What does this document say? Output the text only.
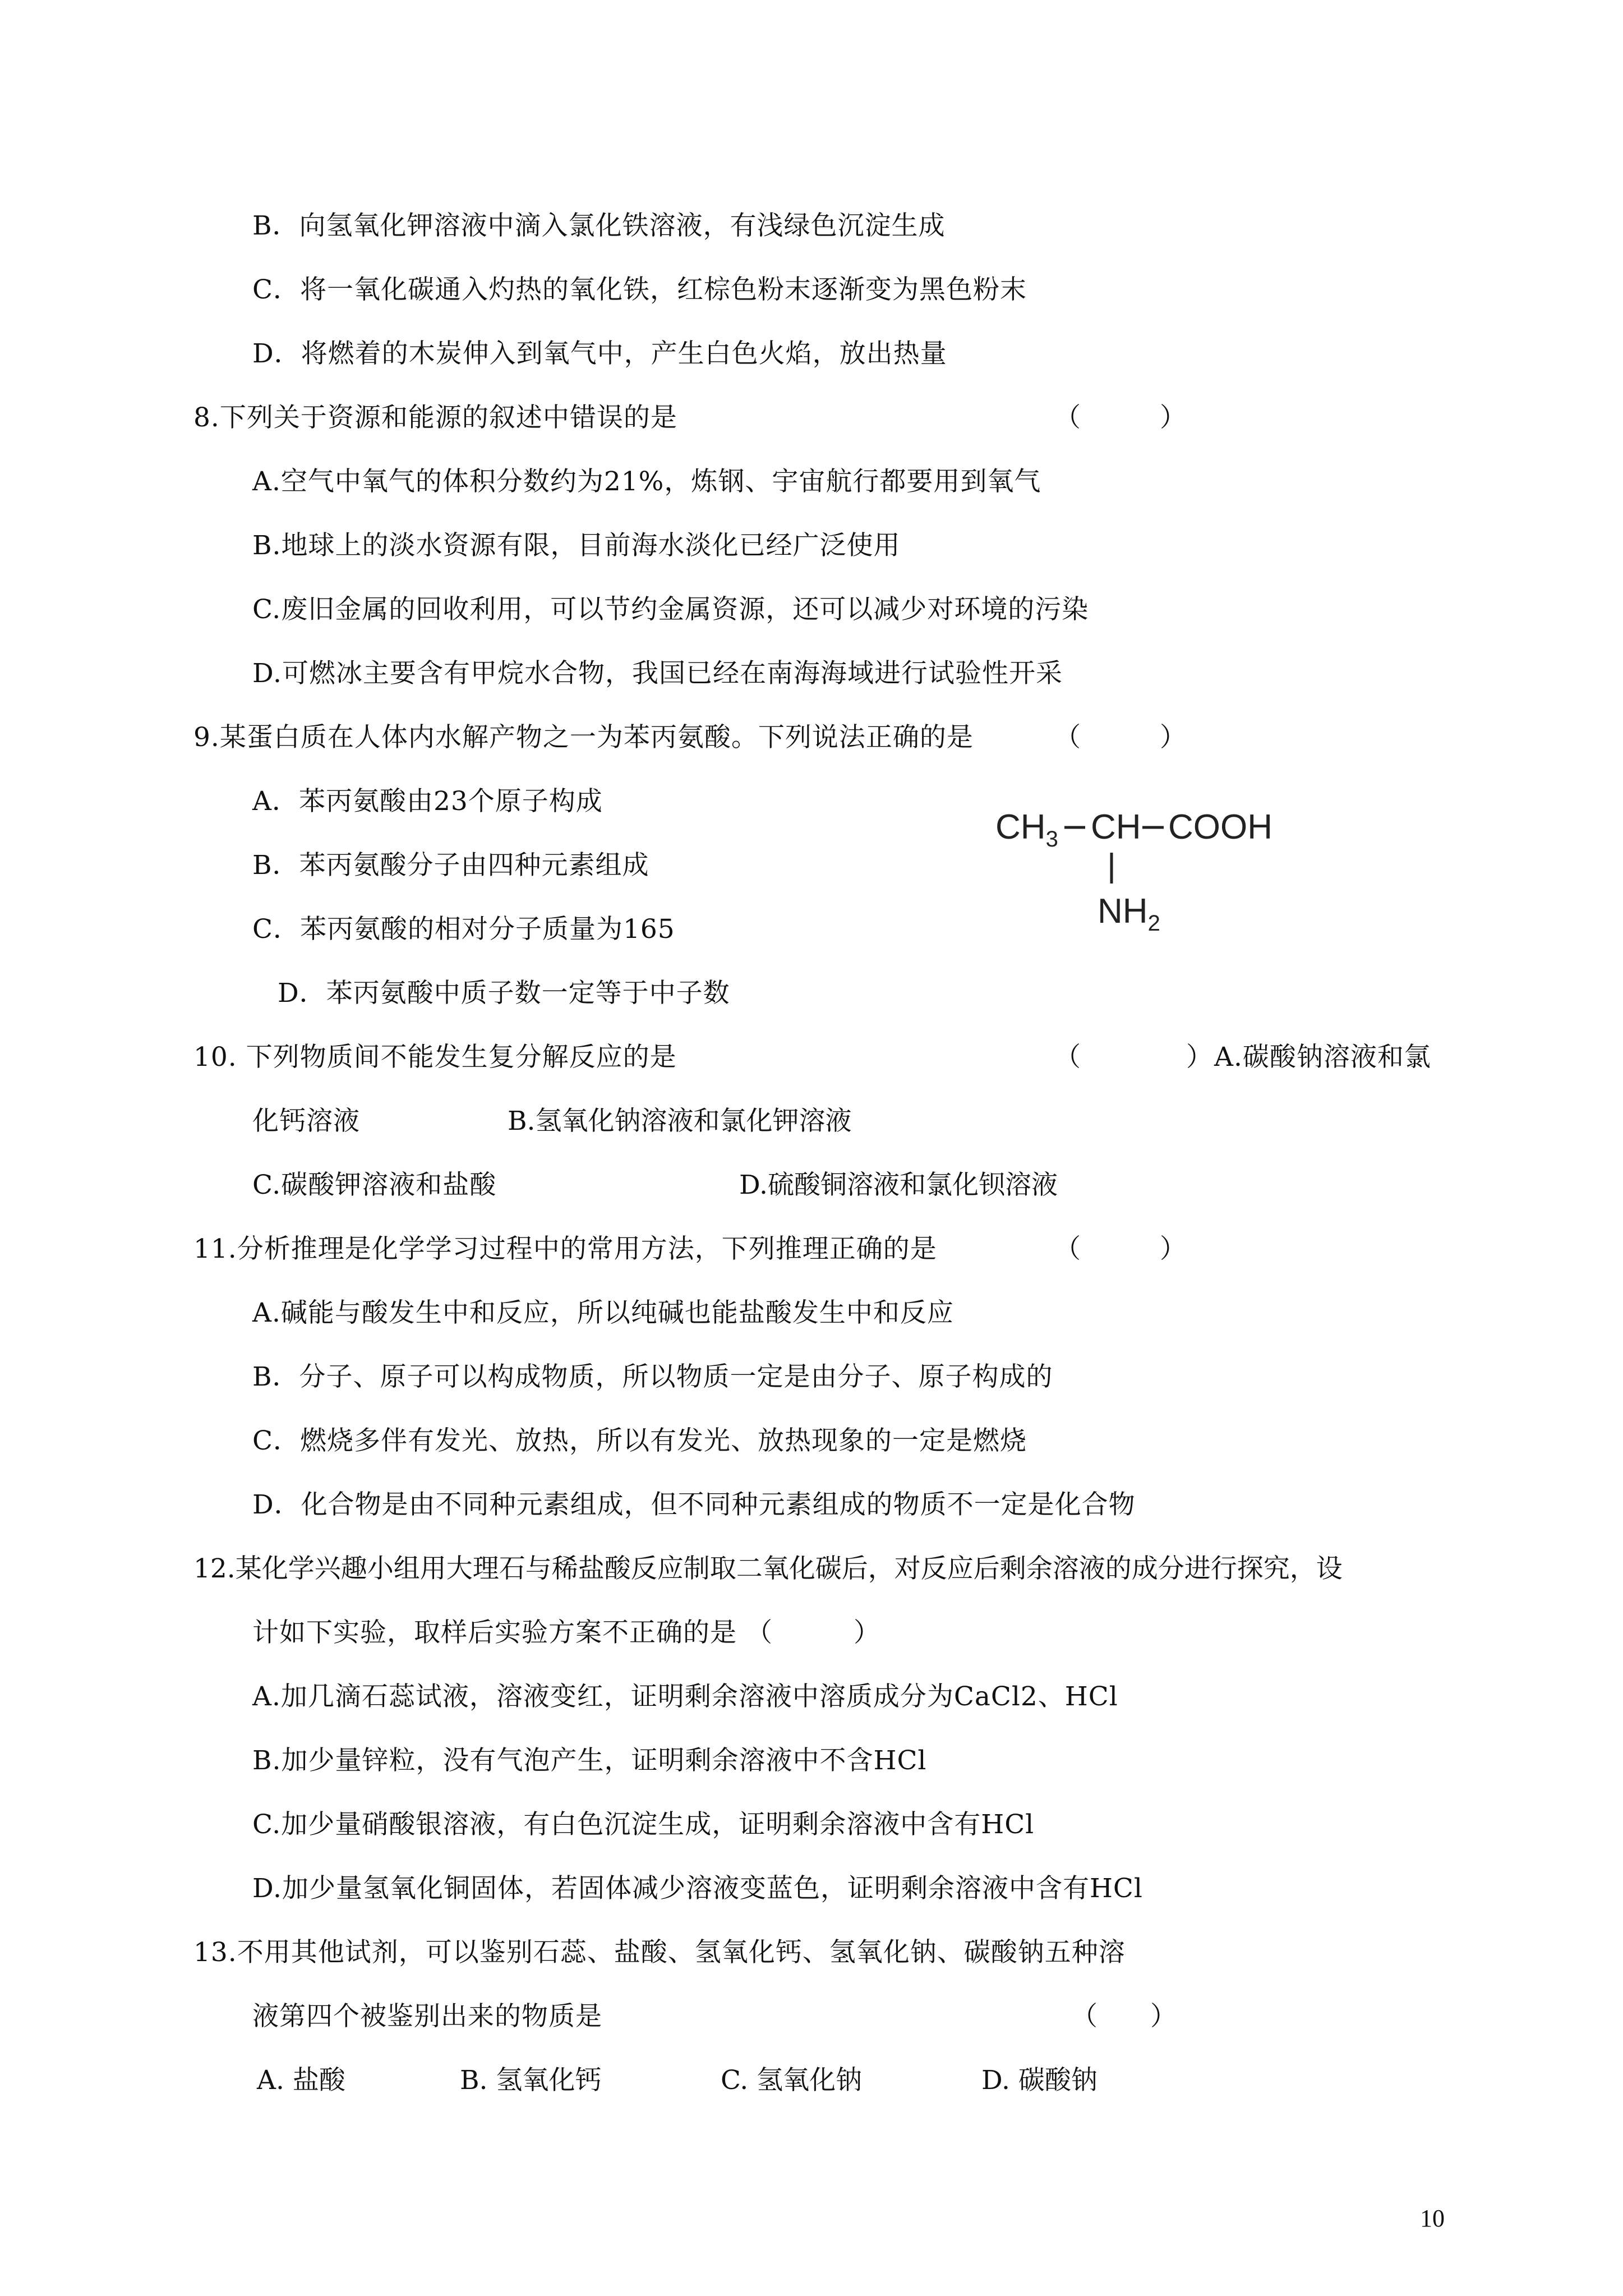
B．向氢氧化钾溶液中滴入氯化铁溶液，有浅绿色沉淀生成
C．将一氧化碳通入灼热的氧化铁，红棕色粉末逐渐变为黑色粉末
D．将燃着的木炭伸入到氧气中，产生白色火焰，放出热量
8.下列关于资源和能源的叙述中错误的是	（　　　）
A.空气中氧气的体积分数约为21%，炼钢、宇宙航行都要用到氧气
B.地球上的淡水资源有限，目前海水淡化已经广泛使用
C.废旧金属的回收利用，可以节约金属资源，还可以减少对环境的污染
D.可燃冰主要含有甲烷水合物，我国已经在南海海域进行试验性开采
9.某蛋白质在人体内水解产物之一为苯丙氨酸。下列说法正确的是	（　　　）
A．苯丙氨酸由23个原子构成
B．苯丙氨酸分子由四种元素组成
C．苯丙氨酸的相对分子质量为165
D．苯丙氨酸中质子数一定等于中子数
$CH_3$ CH COOH
$NH_2$
10. 下列物质间不能发生复分解反应的是	（　　　　） A.碳酸钠溶液和氯
化钙溶液	B.氢氧化钠溶液和氯化钾溶液
C.碳酸钾溶液和盐酸	D.硫酸铜溶液和氯化钡溶液
11.分析推理是化学学习过程中的常用方法，下列推理正确的是	（　　　）
A.碱能与酸发生中和反应，所以纯碱也能盐酸发生中和反应
B．分子、原子可以构成物质，所以物质一定是由分子、原子构成的
C．燃烧多伴有发光、放热，所以有发光、放热现象的一定是燃烧
D．化合物是由不同种元素组成，但不同种元素组成的物质不一定是化合物
12.某化学兴趣小组用大理石与稀盐酸反应制取二氧化碳后，对反应后剩余溶液的成分进行探究，设
计如下实验，取样后实验方案不正确的是 （　　　）
A.加几滴石蕊试液，溶液变红，证明剩余溶液中溶质成分为CaCl2、HCl
B.加少量锌粒，没有气泡产生，证明剩余溶液中不含HCl
C.加少量硝酸银溶液，有白色沉淀生成，证明剩余溶液中含有HCl
D.加少量氢氧化铜固体，若固体减少溶液变蓝色，证明剩余溶液中含有HCl
13.不用其他试剂，可以鉴别石蕊、盐酸、氢氧化钙、氢氧化钠、碳酸钠五种溶
液第四个被鉴别出来的物质是	（　　）
A. 盐酸	B. 氢氧化钙	C. 氢氧化钠	D. 碳酸钠
10
